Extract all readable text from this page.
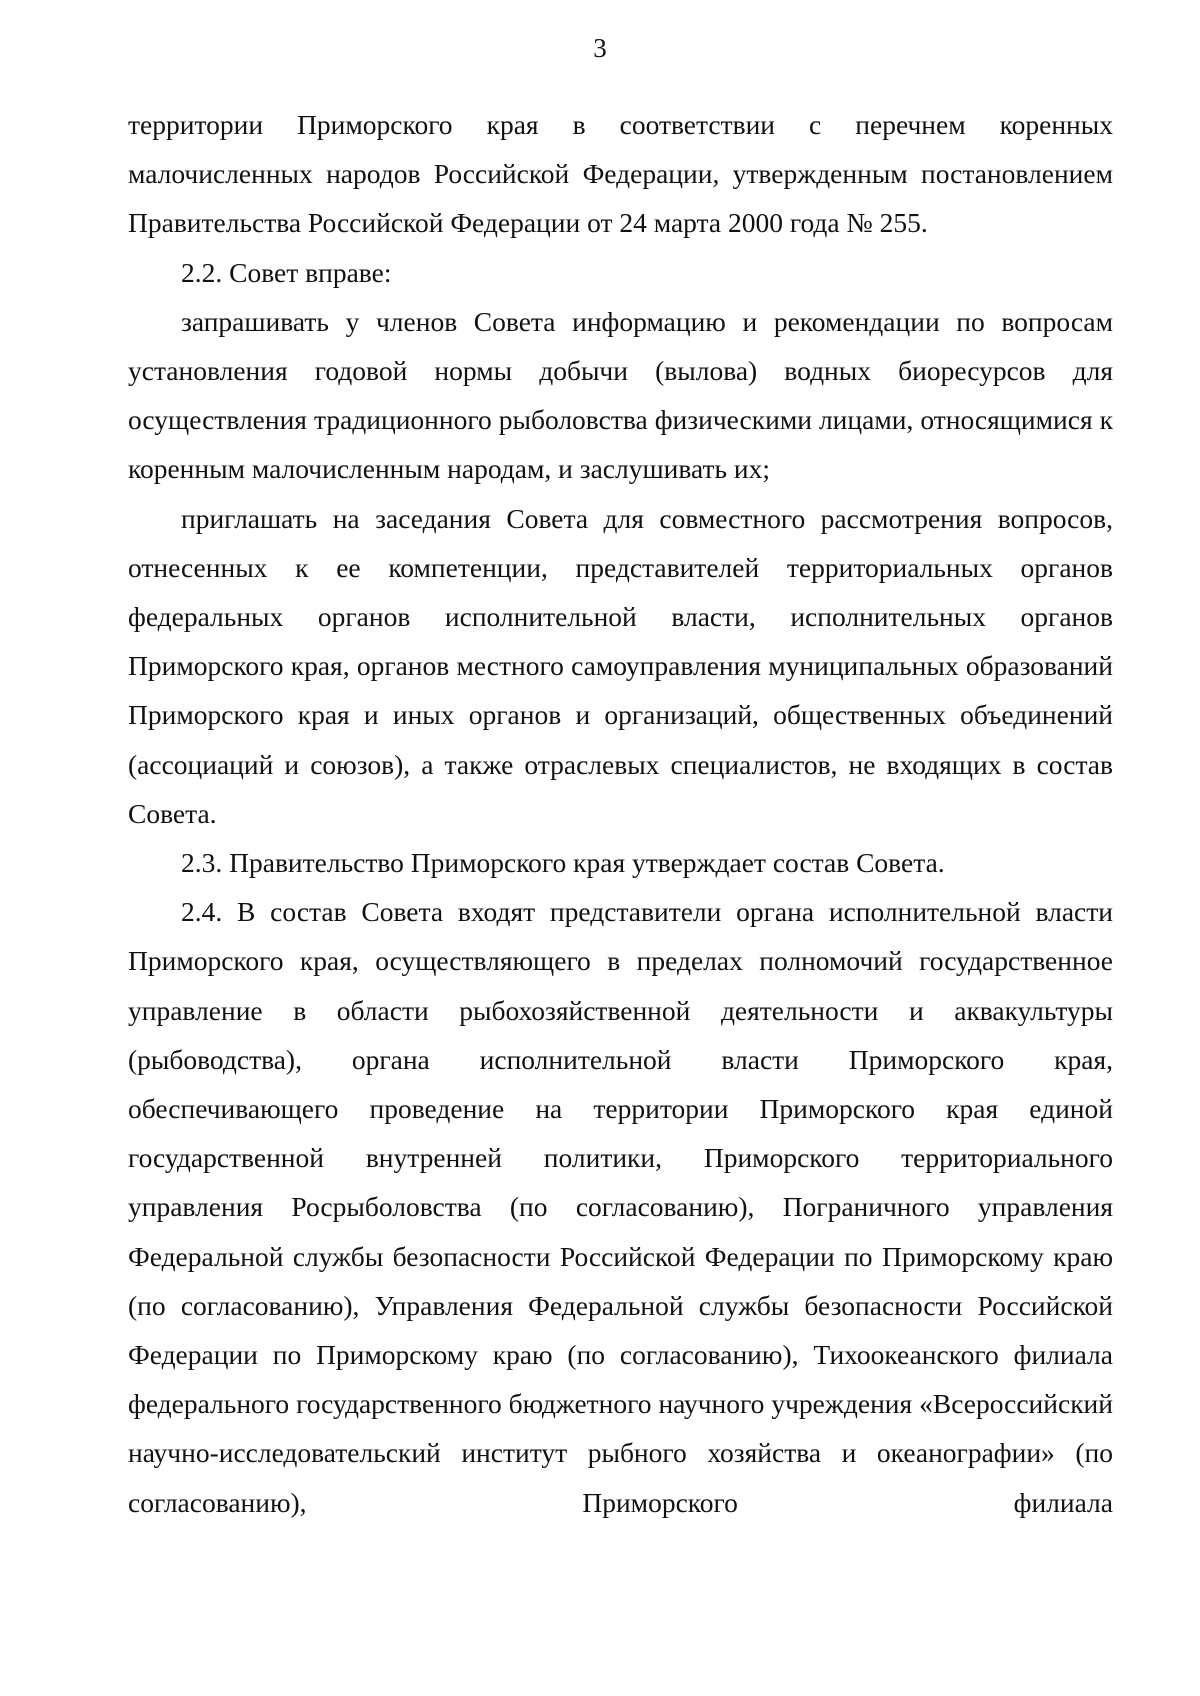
3

территории Приморского края в соответствии с перечнем коренных малочисленных народов Российской Федерации, утвержденным постановлением Правительства Российской Федерации от 24 марта 2000 года № 255.

2.2. Совет вправе:

запрашивать у членов Совета информацию и рекомендации по вопросам установления годовой нормы добычи (вылова) водных биоресурсов для осуществления традиционного рыболовства физическими лицами, относящимися к коренным малочисленным народам, и заслушивать их;

приглашать на заседания Совета для совместного рассмотрения вопросов, отнесенных к ее компетенции, представителей территориальных органов федеральных органов исполнительной власти, исполнительных органов Приморского края, органов местного самоуправления муниципальных образований Приморского края и иных органов и организаций, общественных объединений (ассоциаций и союзов), а также отраслевых специалистов, не входящих в состав Совета.

2.3. Правительство Приморского края утверждает состав Совета.

2.4. В состав Совета входят представители органа исполнительной власти Приморского края, осуществляющего в пределах полномочий государственное управление в области рыбохозяйственной деятельности и аквакультуры (рыбоводства), органа исполнительной власти Приморского края, обеспечивающего проведение на территории Приморского края единой государственной внутренней политики, Приморского территориального управления Росрыболовства (по согласованию), Пограничного управления Федеральной службы безопасности Российской Федерации по Приморскому краю (по согласованию), Управления Федеральной службы безопасности Российской Федерации по Приморскому краю (по согласованию), Тихоокеанского филиала федерального государственного бюджетного научного учреждения «Всероссийский научно-исследовательский институт рыбного хозяйства и океанографии» (по согласованию), Приморского филиала
